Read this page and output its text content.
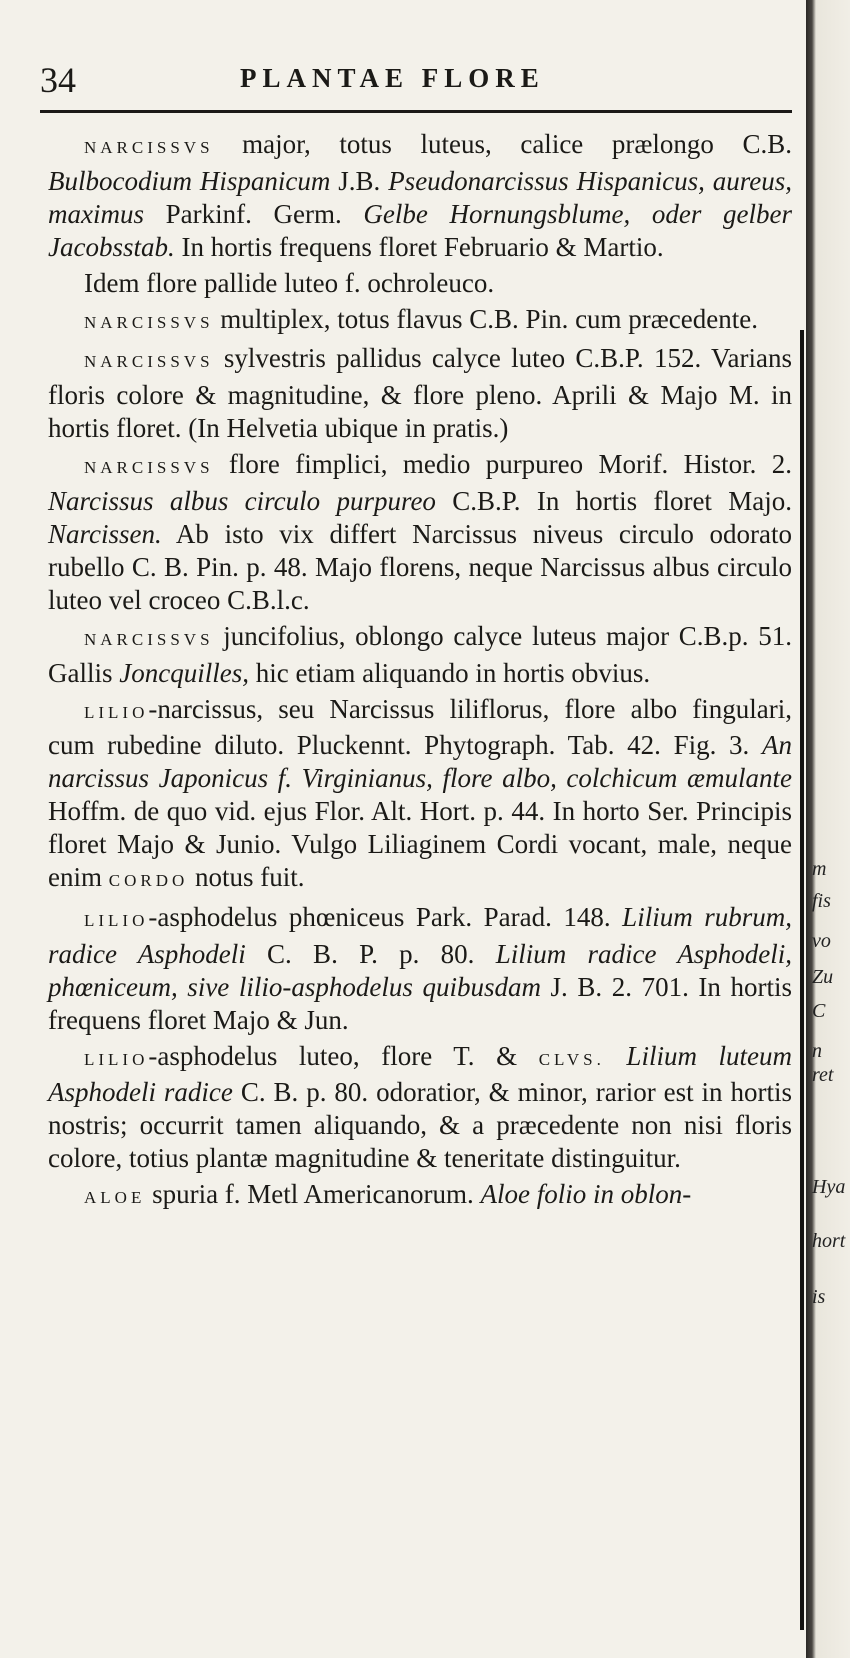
34	PLANTAE FLORE

NARCISSVS major, totus luteus, calice prælongo C.B. Bulbocodium Hispanicum J.B. Pseudonarcissus Hispanicus, aureus, maximus Parkinf. Germ. Gelbe Hornungsblume, oder gelber Jacobsstab. In hortis frequens floret Februario & Martio.

Idem flore pallide luteo f. ochroleuco.

NARCISSVS multiplex, totus flavus C.B. Pin. cum præcedente.

NARCISSVS sylvestris pallidus calyce luteo C.B.P. 152. Varians floris colore & magnitudine, & flore pleno. Aprili & Majo M. in hortis floret. (In Helvetia ubique in pratis.)

NARCISSVS flore fimplici, medio purpureo Morif. Histor. 2. Narcissus albus circulo purpureo C.B.P. In hortis floret Majo. Narcissen. Ab isto vix differt Narcissus niveus circulo odorato rubello C. B. Pin. p. 48. Majo florens, neque Narcissus albus circulo luteo vel croceo C.B.l.c.

NARCISSVS juncifolius, oblongo calyce luteus major C.B.p. 51. Gallis Joncquilles, hic etiam aliquando in hortis obvius.

LILIO-narcissus, seu Narcissus liliflorus, flore albo fingulari, cum rubedine diluto. Pluckennt. Phytograph. Tab. 42. Fig. 3. An narcissus Japonicus f. Virginianus, flore albo, colchicum æmulante Hoffm. de quo vid. ejus Flor. Alt. Hort. p. 44. In horto Ser. Principis floret Majo & Junio. Vulgo Liliaginem Cordi vocant, male, neque enim CORDO notus fuit.

LILIO-asphodelus phœniceus Park. Parad. 148. Lilium rubrum, radice Asphodeli C. B. P. p. 80. Lilium radice Asphodeli, phœniceum, sive lilio-asphodelus quibusdam J. B. 2. 701. In hortis frequens floret Majo & Jun.

LILIO-asphodelus luteo, flore T. & CLVS. Lilium luteum Asphodeli radice C. B. p. 80. odoratior, & minor, rarior est in hortis nostris; occurrit tamen aliquando, & a præcedente non nisi floris colore, totius plantæ magnitudine & teneritate distinguitur.

ALOE spuria f. Metl Americanorum. Aloe folio in oblon-

m
fis
vo
Zu
C
n
ret
Hya
hort
is
